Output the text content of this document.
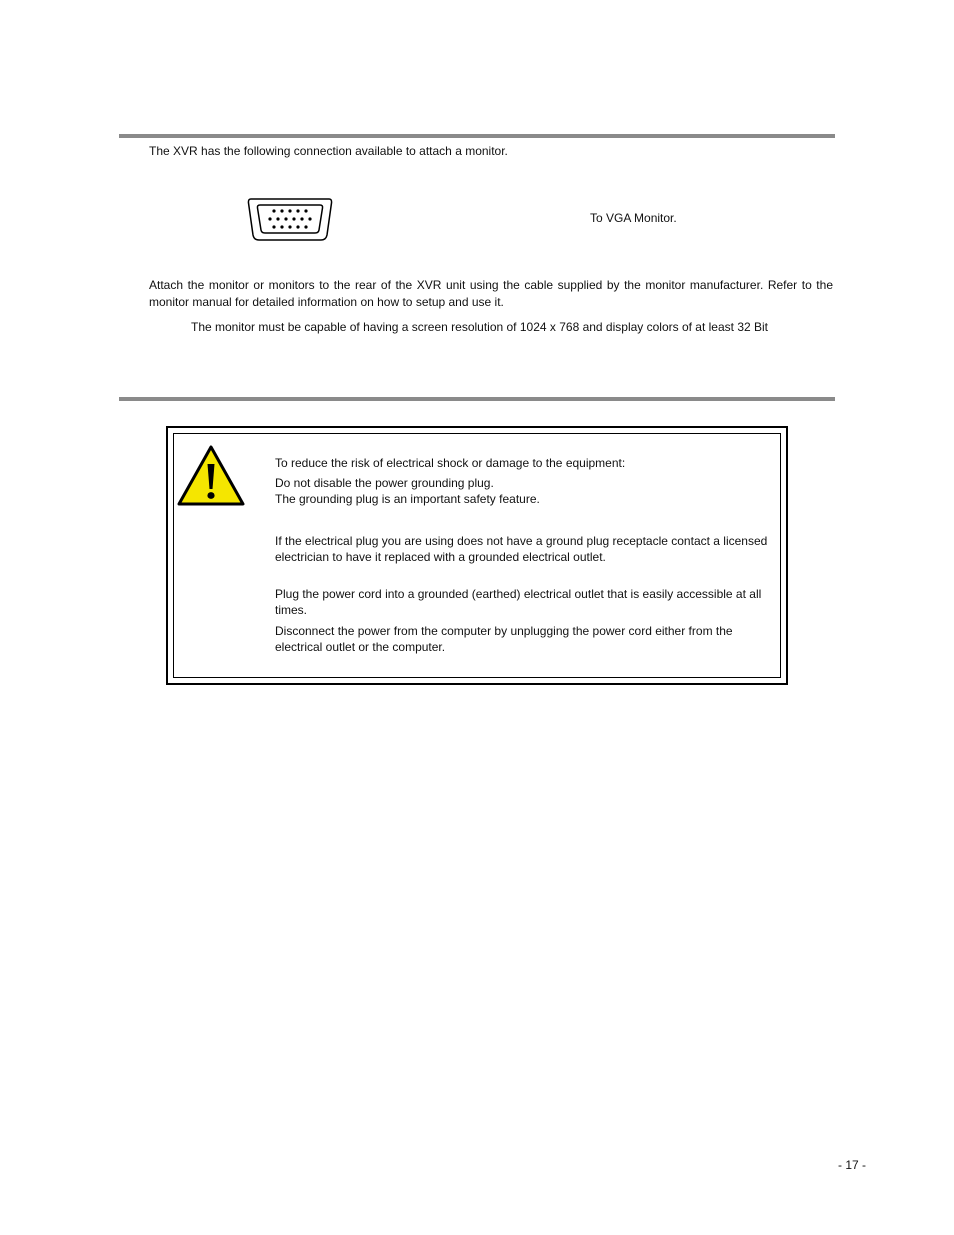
The XVR has the following connection available to attach a monitor.
To VGA Monitor.
Attach the monitor or monitors to the rear of the XVR unit using the cable supplied by the monitor manufacturer. Refer to the monitor manual for detailed information on how to setup and use it.
The monitor must be capable of having a screen resolution of 1024 x 768 and display colors of at least 32 Bit
To reduce the risk of electrical shock or damage to the equipment:
Do not disable the power grounding plug.
The grounding plug is an important safety feature.
If the electrical plug you are using does not have a ground plug receptacle contact a licensed electrician to have it replaced with a grounded electrical outlet.
Plug the power cord into a grounded (earthed) electrical outlet that is easily accessible at all times.
Disconnect the power from the computer by unplugging the power cord either from the electrical outlet or the computer.
- 17 -
